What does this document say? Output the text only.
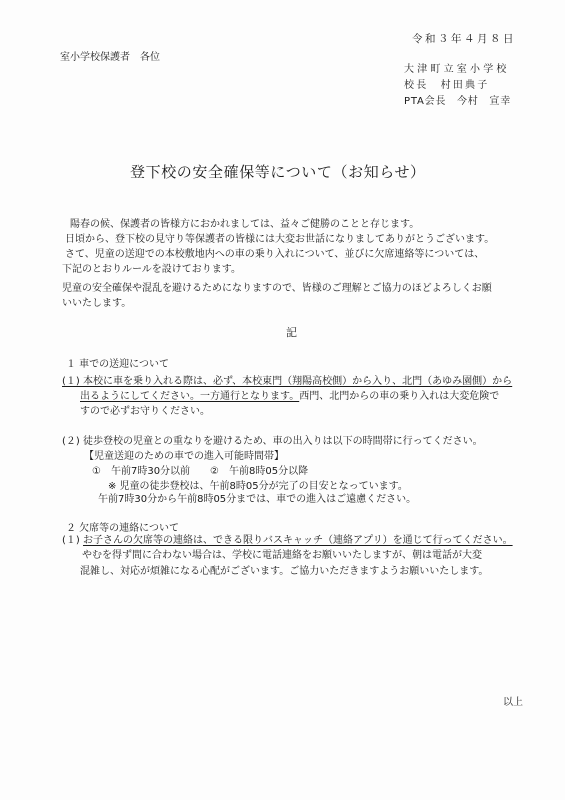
令和３年４月８日
室小学校保護者　各位
大津町立室小学校
校長　村田典子
PTA会長　今村　宣幸
登下校の安全確保等について（お知らせ）
陽春の候、保護者の皆様方におかれましては、益々ご健勝のことと存じます。
日頃から、登下校の見守り等保護者の皆様には大変お世話になりましてありがとうございます。
さて、児童の送迎での本校敷地内への車の乗り入れについて、並びに欠席連絡等については、
下記のとおりルールを設けております。
児童の安全確保や混乱を避けるためになりますので、皆様のご理解とご協力のほどよろしくお願
いいたします。
記
１ 車での送迎について
(１) 本校に車を乗り入れる際は、必ず、本校東門（翔陽高校側）から入り、北門（あゆみ園側）から
出るようにしてください。一方通行となります。西門、北門からの車の乗り入れは大変危険で
すので必ずお守りください。
(２) 徒歩登校の児童との重なりを避けるため、車の出入りは以下の時間帯に行ってください。
【児童送迎のための車での進入可能時間帯】
①　午前7時30分以前　　②　午前8時05分以降
※ 児童の徒歩登校は、午前8時05分が完了の目安となっています。
午前7時30分から午前8時05分までは、車での進入はご遠慮ください。
２ 欠席等の連絡について
(１) お子さんの欠席等の連絡は、できる限りバスキャッチ（連絡アプリ）を通じて行ってください。
やむを得ず間に合わない場合は、学校に電話連絡をお願いいたしますが、朝は電話が大変
混雑し、対応が煩雑になる心配がございます。ご協力いただきますようお願いいたします。
以上
